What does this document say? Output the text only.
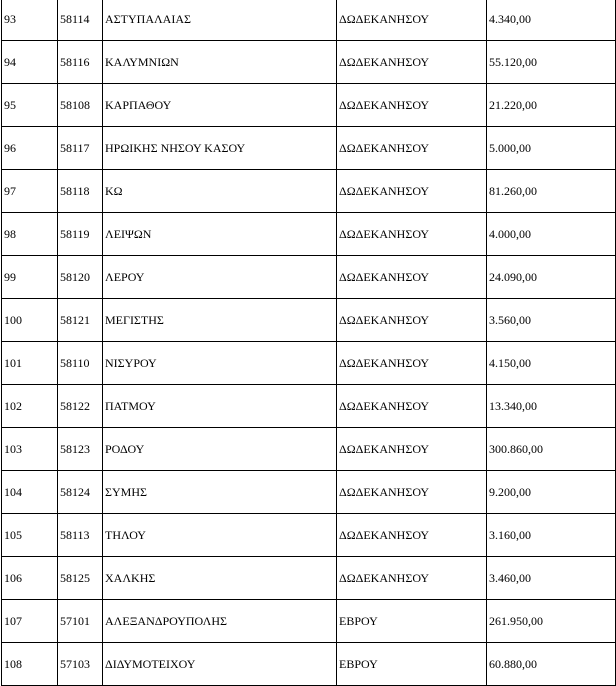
93	58114	ΑΣΤΥΠΑΛΑΙΑΣ	ΔΩΔΕΚΑΝΗΣΟΥ	4.340,00

94	58116	ΚΑΛΥΜΝΙΩΝ	ΔΩΔΕΚΑΝΗΣΟΥ	55.120,00

95	58108	ΚΑΡΠΑΘΟΥ	ΔΩΔΕΚΑΝΗΣΟΥ	21.220,00

96	58117	ΗΡΩΙΚΗΣ ΝΗΣΟΥ ΚΑΣΟΥ	ΔΩΔΕΚΑΝΗΣΟΥ	5.000,00

97	58118	ΚΩ	ΔΩΔΕΚΑΝΗΣΟΥ	81.260,00

98	58119	ΛΕΙΨΩΝ	ΔΩΔΕΚΑΝΗΣΟΥ	4.000,00

99	58120	ΛΕΡΟΥ	ΔΩΔΕΚΑΝΗΣΟΥ	24.090,00

100	58121	ΜΕΓΙΣΤΗΣ	ΔΩΔΕΚΑΝΗΣΟΥ	3.560,00

101	58110	ΝΙΣΥΡΟΥ	ΔΩΔΕΚΑΝΗΣΟΥ	4.150,00

102	58122	ΠΑΤΜΟΥ	ΔΩΔΕΚΑΝΗΣΟΥ	13.340,00

103	58123	ΡΟΔΟΥ	ΔΩΔΕΚΑΝΗΣΟΥ	300.860,00

104	58124	ΣΥΜΗΣ	ΔΩΔΕΚΑΝΗΣΟΥ	9.200,00

105	58113	ΤΗΛΟΥ	ΔΩΔΕΚΑΝΗΣΟΥ	3.160,00

106	58125	ΧΑΛΚΗΣ	ΔΩΔΕΚΑΝΗΣΟΥ	3.460,00

107	57101	ΑΛΕΞΑΝΔΡΟΥΠΟΛΗΣ	ΕΒΡΟΥ	261.950,00

108	57103	ΔΙΔΥΜΟΤΕΙΧΟΥ	ΕΒΡΟΥ	60.880,00
